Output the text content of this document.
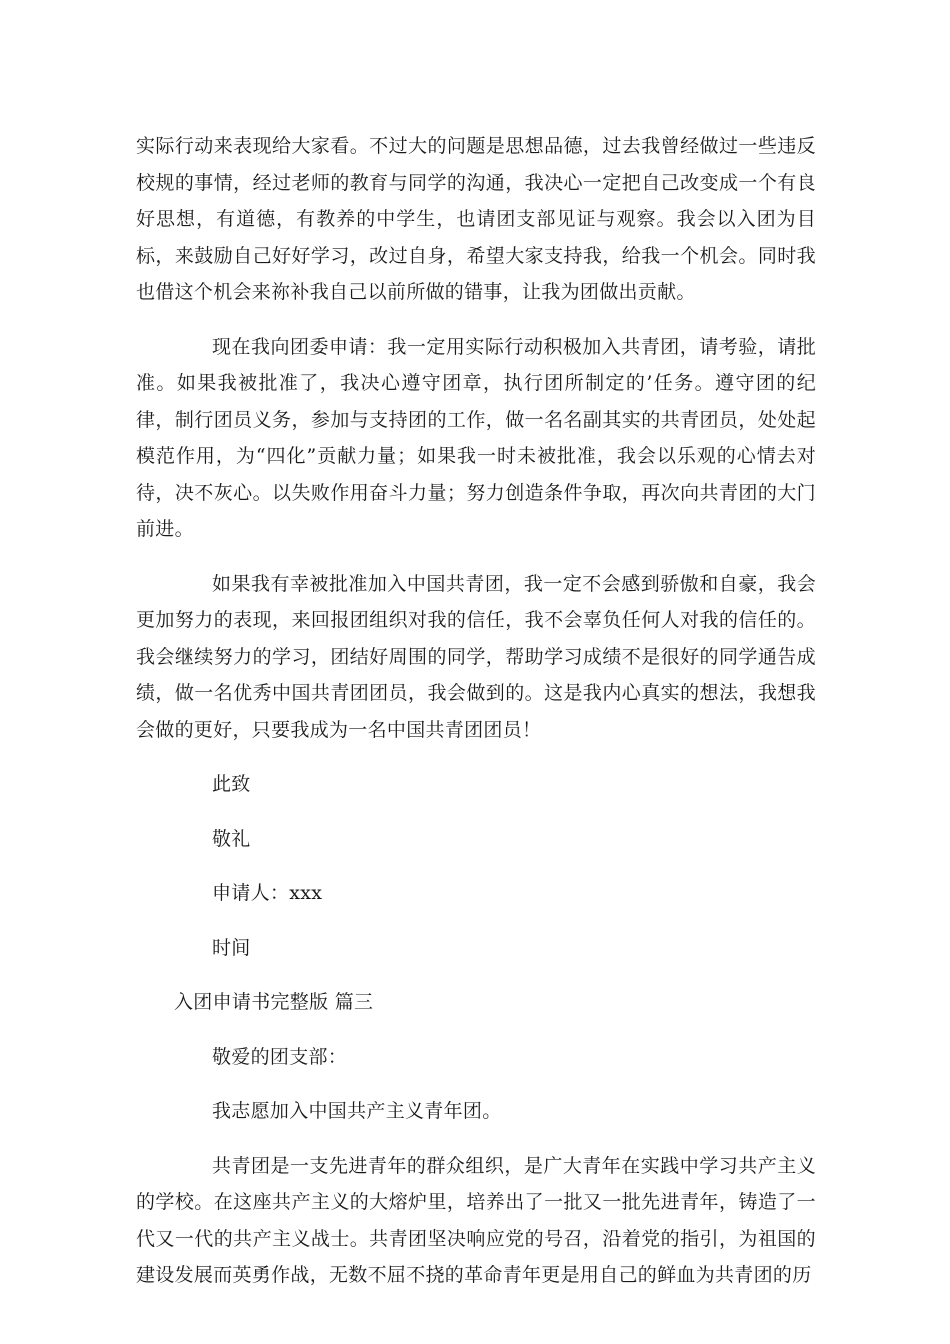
实际行动来表现给大家看。不过大的问题是思想品德，过去我曾经做过一些违反校规的事情，经过老师的教育与同学的沟通，我决心一定把自己改变成一个有良好思想，有道德，有教养的中学生，也请团支部见证与观察。我会以入团为目标，来鼓励自己好好学习，改过自身，希望大家支持我，给我一个机会。同时我也借这个机会来祢补我自己以前所做的错事，让我为团做出贡献。

现在我向团委申请：我一定用实际行动积极加入共青团，请考验，请批准。如果我被批准了，我决心遵守团章，执行团所制定的’任务。遵守团的纪律，制行团员义务，参加与支持团的工作，做一名名副其实的共青团员，处处起模范作用，为“四化”贡献力量；如果我一时未被批准，我会以乐观的心情去对待，决不灰心。以失败作用奋斗力量；努力创造条件争取，再次向共青团的大门前进。

如果我有幸被批准加入中国共青团，我一定不会感到骄傲和自豪，我会更加努力的表现，来回报团组织对我的信任，我不会辜负任何人对我的信任的。我会继续努力的学习，团结好周围的同学，帮助学习成绩不是很好的同学通告成绩，做一名优秀中国共青团团员，我会做到的。这是我内心真实的想法，我想我会做的更好，只要我成为一名中国共青团团员！

此致

敬礼

申请人：xxx

时间

入团申请书完整版 篇三

敬爱的团支部：

我志愿加入中国共产主义青年团。

共青团是一支先进青年的群众组织，是广大青年在实践中学习共产主义的学校。在这座共产主义的大熔炉里，培养出了一批又一批先进青年，铸造了一代又一代的共产主义战士。共青团坚决响应党的号召，沿着党的指引，为祖国的建设发展而英勇作战，无数不屈不挠的革命青年更是用自己的鲜血为共青团的历
